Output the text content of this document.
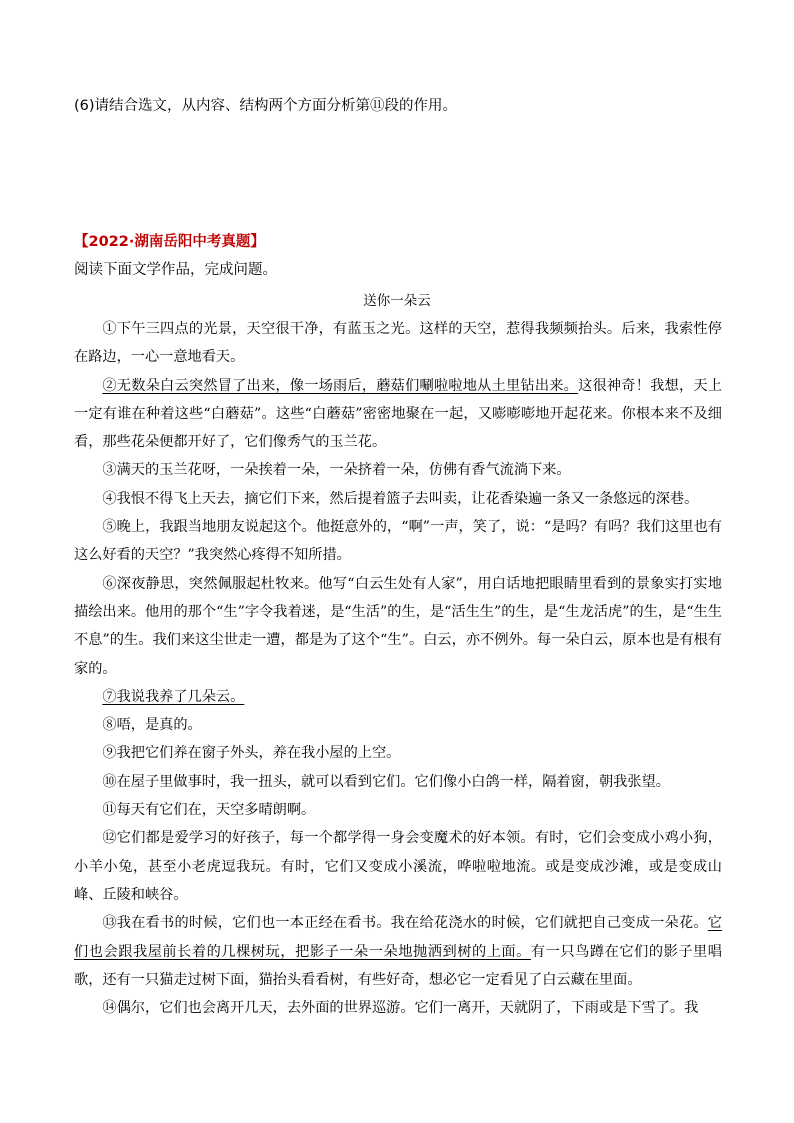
(6)请结合选文，从内容、结构两个方面分析第⑪段的作用。
【2022·湖南岳阳中考真题】
阅读下面文学作品，完成问题。
送你一朵云

①下午三四点的光景，天空很干净，有蓝玉之光。这样的天空，惹得我频频抬头。后来，我索性停在路边，一心一意地看天。

②无数朵白云突然冒了出来，像一场雨后，蘑菇们唰啦啦地从土里钻出来。这很神奇！我想，天上一定有谁在种着这些“白蘑菇”。这些“白蘑菇”密密地聚在一起，又嘭嘭嘭地开起花来。你根本来不及细看，那些花朵便都开好了，它们像秀气的玉兰花。

③满天的玉兰花呀，一朵挨着一朵，一朵挤着一朵，仿佛有香气流淌下来。

④我恨不得飞上天去，摘它们下来，然后提着篮子去叫卖，让花香染遍一条又一条悠远的深巷。

⑤晚上，我跟当地朋友说起这个。他挺意外的，“啊”一声，笑了，说：“是吗？有吗？我们这里也有这么好看的天空？”我突然心疼得不知所措。

⑥深夜静思，突然佩服起杜牧来。他写“白云生处有人家”，用白话地把眼睛里看到的景象实打实地描绘出来。他用的那个“生”字令我着迷，是“生活”的生，是“活生生”的生，是“生龙活虎”的生，是“生生不息”的生。我们来这尘世走一遭，都是为了这个“生”。白云，亦不例外。每一朵白云，原本也是有根有家的。

⑦我说我养了几朵云。

⑧唔，是真的。

⑨我把它们养在窗子外头，养在我小屋的上空。

⑩在屋子里做事时，我一扭头，就可以看到它们。它们像小白鸽一样，隔着窗，朝我张望。

⑪每天有它们在，天空多晴朗啊。

⑫它们都是爱学习的好孩子，每一个都学得一身会变魔术的好本领。有时，它们会变成小鸡小狗，小羊小兔，甚至小老虎逗我玩。有时，它们又变成小溪流，哗啦啦地流。或是变成沙滩，或是变成山峰、丘陵和峡谷。

⑬我在看书的时候，它们也一本正经在看书。我在给花浇水的时候，它们就把自己变成一朵花。它们也会跟我屋前长着的几棵树玩，把影子一朵一朵地抛洒到树的上面。有一只鸟蹲在它们的影子里唱歌，还有一只猫走过树下面，猫抬头看看树，有些好奇，想必它一定看见了白云藏在里面。

⑭偶尔，它们也会离开几天，去外面的世界巡游。它们一离开，天就阴了，下雨或是下雪了。我
